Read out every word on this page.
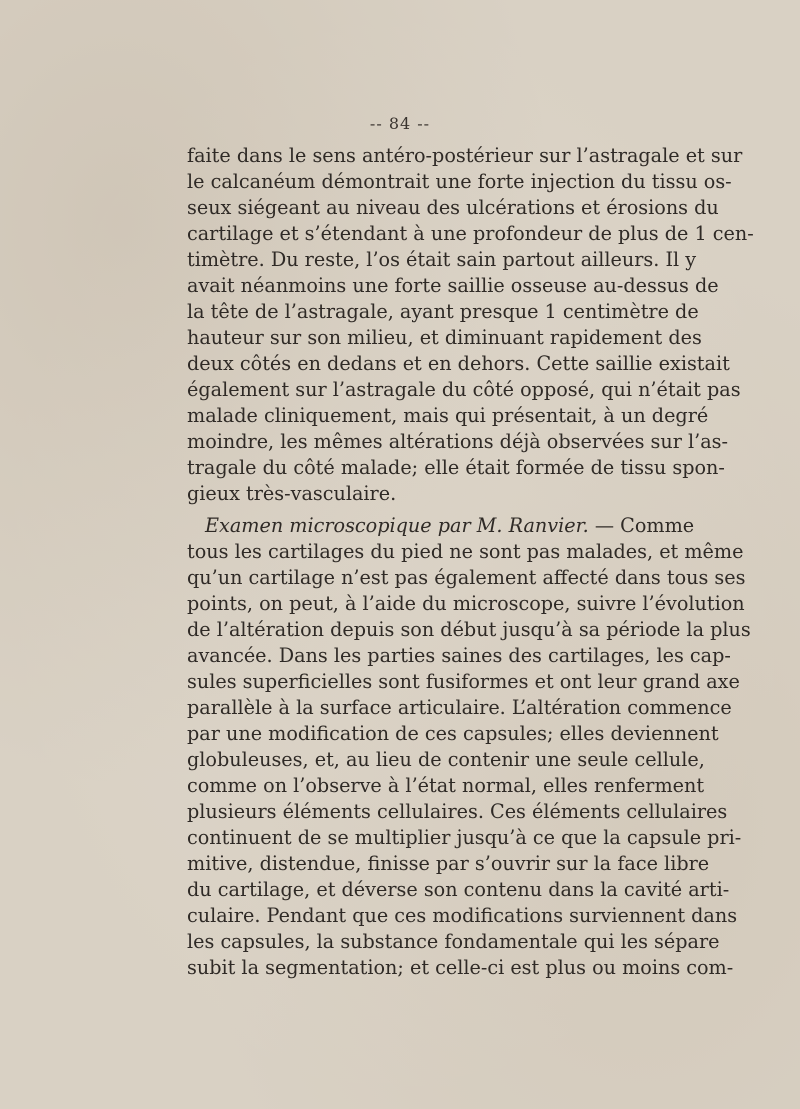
-- 84 --
faite dans le sens antéro-postérieur sur l’astragale et sur
le calcanéum démontrait une forte injection du tissu os-
seux siégeant au niveau des ulcérations et érosions du
cartilage et s’étendant à une profondeur de plus de 1 cen-
timètre. Du reste, l’os était sain partout ailleurs. Il y
avait néanmoins une forte saillie osseuse au-dessus de
la tête de l’astragale, ayant presque 1 centimètre de
hauteur sur son milieu, et diminuant rapidement des
deux côtés en dedans et en dehors. Cette saillie existait
également sur l’astragale du côté opposé, qui n’était pas
malade cliniquement, mais qui présentait, à un degré
moindre, les mêmes altérations déjà observées sur l’as-
tragale du côté malade; elle était formée de tissu spon-
gieux très-vasculaire.
Examen microscopique par M. Ranvier. — Comme
tous les cartilages du pied ne sont pas malades, et même
qu’un cartilage n’est pas également affecté dans tous ses
points, on peut, à l’aide du microscope, suivre l’évolution
de l’altération depuis son début jusqu’à sa période la plus
avancée. Dans les parties saines des cartilages, les cap-
sules superficielles sont fusiformes et ont leur grand axe
parallèle à la surface articulaire. L’altération commence
par une modification de ces capsules; elles deviennent
globuleuses, et, au lieu de contenir une seule cellule,
comme on l’observe à l’état normal, elles renferment
plusieurs éléments cellulaires. Ces éléments cellulaires
continuent de se multiplier jusqu’à ce que la capsule pri-
mitive, distendue, finisse par s’ouvrir sur la face libre
du cartilage, et déverse son contenu dans la cavité arti-
culaire. Pendant que ces modifications surviennent dans
les capsules, la substance fondamentale qui les sépare
subit la segmentation; et celle-ci est plus ou moins com-
